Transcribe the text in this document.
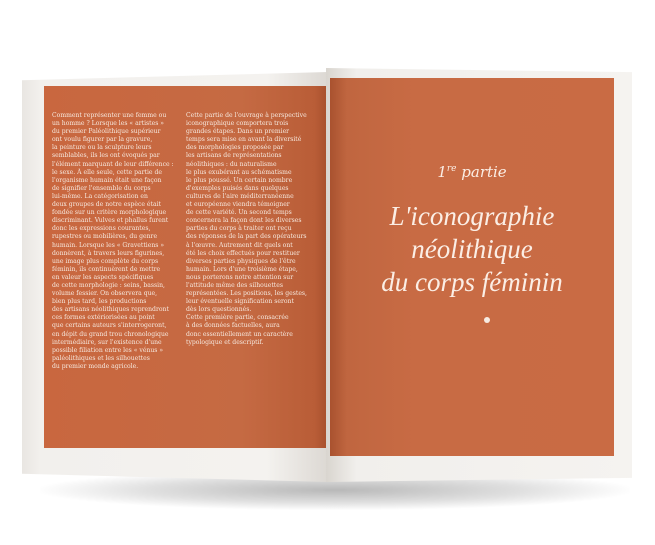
Comment représenter une femme ou
un homme ? Lorsque les « artistes »
du premier Paléolithique supérieur
ont voulu figurer par la gravure,
la peinture ou la sculpture leurs
semblables, ils les ont évoqués par
l'élément marquant de leur différence :
le sexe. À elle seule, cette partie de
l'organisme humain était une façon
de signifier l'ensemble du corps
lui-même. La catégorisation en
deux groupes de notre espèce était
fondée sur un critère morphologique
discriminant. Vulves et phallus furent
donc les expressions courantes,
rupestres ou mobilières, du genre
humain. Lorsque les « Gravettiens »
donnèrent, à travers leurs figurines,
une image plus complète du corps
féminin, ils continuèrent de mettre
en valeur les aspects spécifiques
de cette morphologie : seins, bassin,
volume fessier. On observera que,
bien plus tard, les productions
des artisans néolithiques reprendront
ces formes extériorisées au point
que certains auteurs s'interrogeront,
en dépit du grand trou chronologique
intermédiaire, sur l'existence d'une
possible filiation entre les « vénus »
paléolithiques et les silhouettes
du premier monde agricole.
Cette partie de l'ouvrage à perspective
iconographique comportera trois
grandes étapes. Dans un premier
temps sera mise en avant la diversité
des morphologies proposée par
les artisans de représentations
néolithiques : du naturalisme
le plus exubérant au schématisme
le plus poussé. Un certain nombre
d'exemples puisés dans quelques
cultures de l'aire méditerranéenne
et européenne viendra témoigner
de cette variété. Un second temps
concernera la façon dont les diverses
parties du corps à traiter ont reçu
des réponses de la part des opérateurs
à l'œuvre. Autrement dit quels ont
été les choix effectués pour restituer
diverses parties physiques de l'être
humain. Lors d'une troisième étape,
nous porterons notre attention sur
l'attitude même des silhouettes
représentées. Les positions, les gestes,
leur éventuelle signification seront
dès lors questionnés.
Cette première partie, consacrée
à des données factuelles, aura
donc essentiellement un caractère
typologique et descriptif.
1re partie
L'iconographie
néolithique
du corps féminin
